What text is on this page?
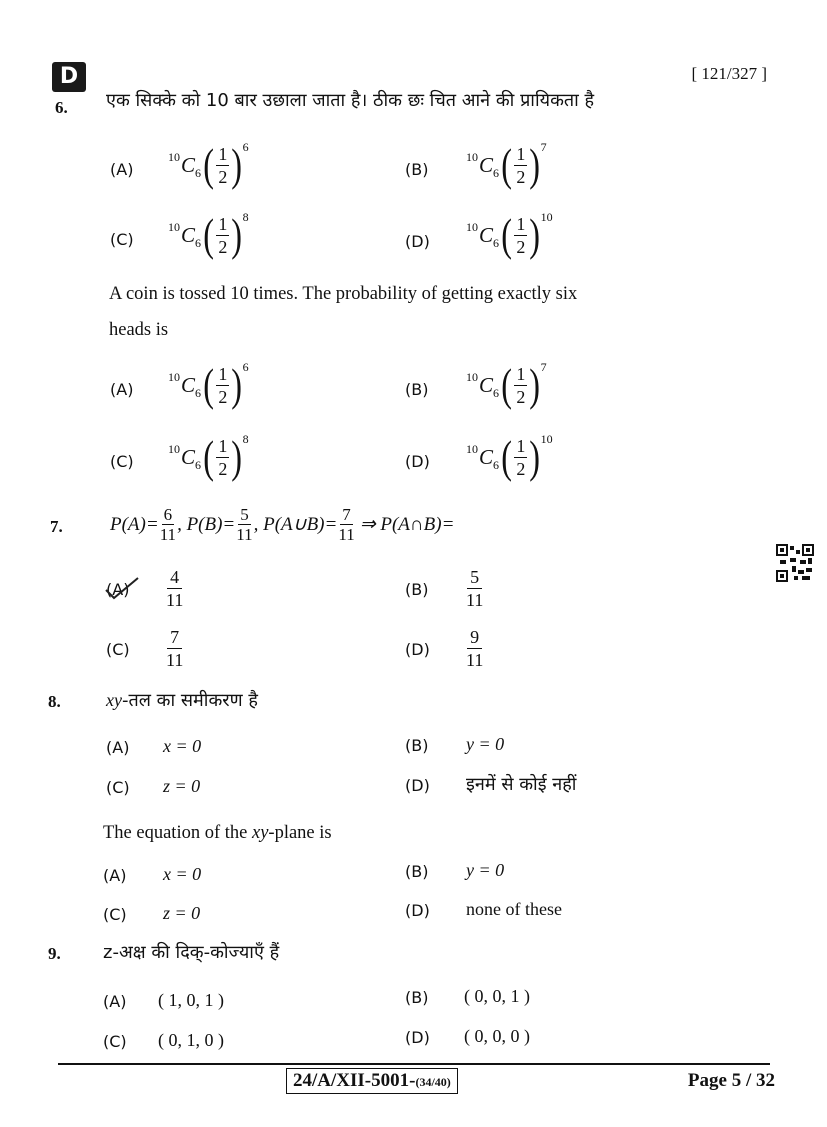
D	[ 121/327 ]
6. एक सिक्के को 10 बार उछाला जाता है। ठीक छः चित आने की प्रायिकता है
(A)
10 C 6 ( $\frac{1}{2}$ ) 6
(B)
10 C 6 ( $\frac{1}{2}$ ) 7
(C)
10 C 6 ( $\frac{1}{2}$ ) 8
(D)
10 C 6 ( $\frac{1}{2}$ ) 10
A coin is tossed 10 times. The probability of getting exactly six
heads is
(A)
10 C 6 ( $\frac{1}{2}$ ) 6
(B)
10 C 6 ( $\frac{1}{2}$ ) 7
(C)
10 C 6 ( $\frac{1}{2}$ ) 8
(D)
10 C 6 ( $\frac{1}{2}$ ) 10
7. $P(A)= \frac{6}{11}$ , $P(B)= \frac{5}{11}$ , P(A∪B)= $\frac{7}{11}$ ⇒ P(A∩B)=
$(A) \frac{4}{11}$	$(B) \frac{5}{11}$
$(C) \frac{7}{11}$	$(D) \frac{9}{11}$
8.	xy-तल का समीकरण है
(A) x = 0	(B) y = 0
(C) z = 0	(D) इनमें से कोई नहीं
The equation of the xy-plane is
(A) x = 0	(B) y = 0
(C) z = 0	(D) none of these
9. z-अक्ष की दिक्-कोज्याएँ हैं
(A) ( 1, 0, 1 )	(B) ( 0, 0, 1 )
(C) ( 0, 1, 0 )	(D) ( 0, 0, 0 )
24/A/XII-5001-(34/40)	Page 5 / 32
